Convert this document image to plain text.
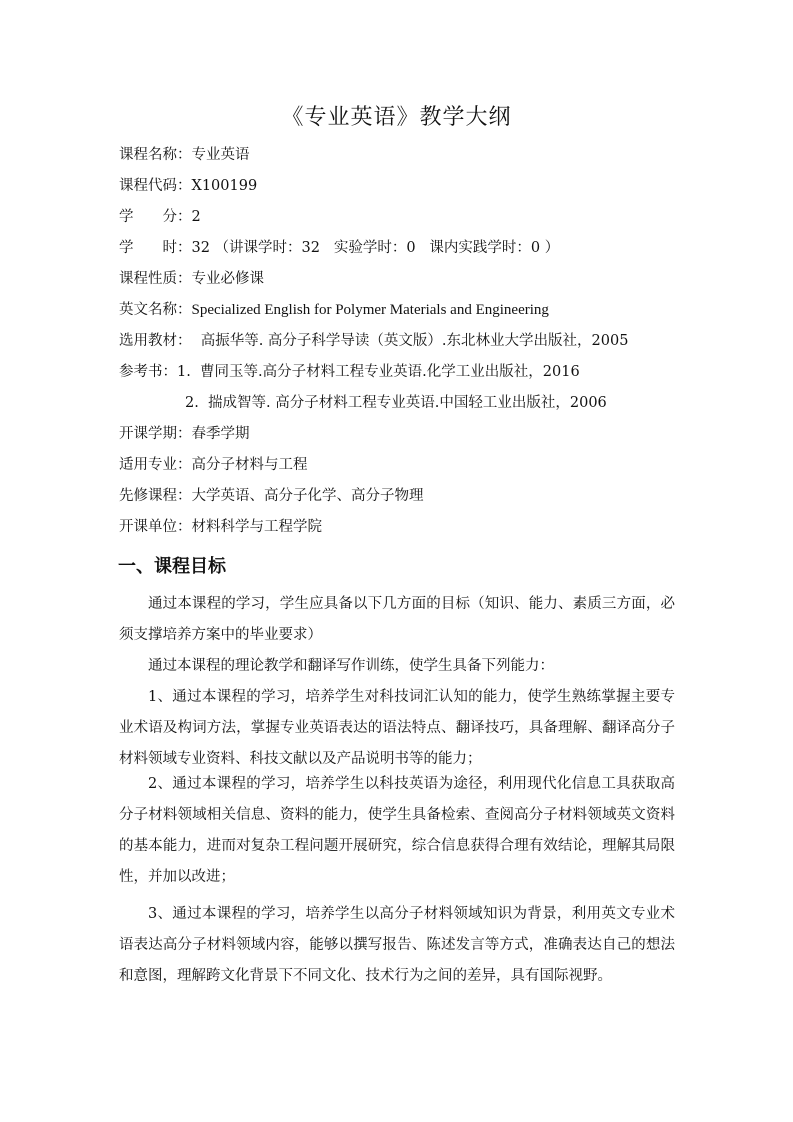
《专业英语》教学大纲
课程名称：专业英语
课程代码：X100199
学 分：2
学 时：32 （讲课学时：32   实验学时：0   课内实践学时：0 ）
课程性质：专业必修课
英文名称：Specialized English for Polymer Materials and Engineering
选用教材：  高振华等. 高分子科学导读（英文版）.东北林业大学出版社，2005
参考书：1.  曹同玉等.高分子材料工程专业英语.化学工业出版社，2016
2.  揣成智等. 高分子材料工程专业英语.中国轻工业出版社，2006
开课学期：春季学期
适用专业：高分子材料与工程
先修课程：大学英语、高分子化学、高分子物理
开课单位：材料科学与工程学院
一、课程目标
通过本课程的学习，学生应具备以下几方面的目标（知识、能力、素质三方面，必须支撑培养方案中的毕业要求）
通过本课程的理论教学和翻译写作训练，使学生具备下列能力：
1、通过本课程的学习，培养学生对科技词汇认知的能力，使学生熟练掌握主要专业术语及构词方法，掌握专业英语表达的语法特点、翻译技巧，具备理解、翻译高分子材料领域专业资料、科技文献以及产品说明书等的能力；
2、通过本课程的学习，培养学生以科技英语为途径，利用现代化信息工具获取高分子材料领域相关信息、资料的能力，使学生具备检索、查阅高分子材料领域英文资料的基本能力，进而对复杂工程问题开展研究，综合信息获得合理有效结论，理解其局限性，并加以改进；
3、通过本课程的学习，培养学生以高分子材料领域知识为背景，利用英文专业术语表达高分子材料领域内容，能够以撰写报告、陈述发言等方式，准确表达自己的想法和意图，理解跨文化背景下不同文化、技术行为之间的差异，具有国际视野。
